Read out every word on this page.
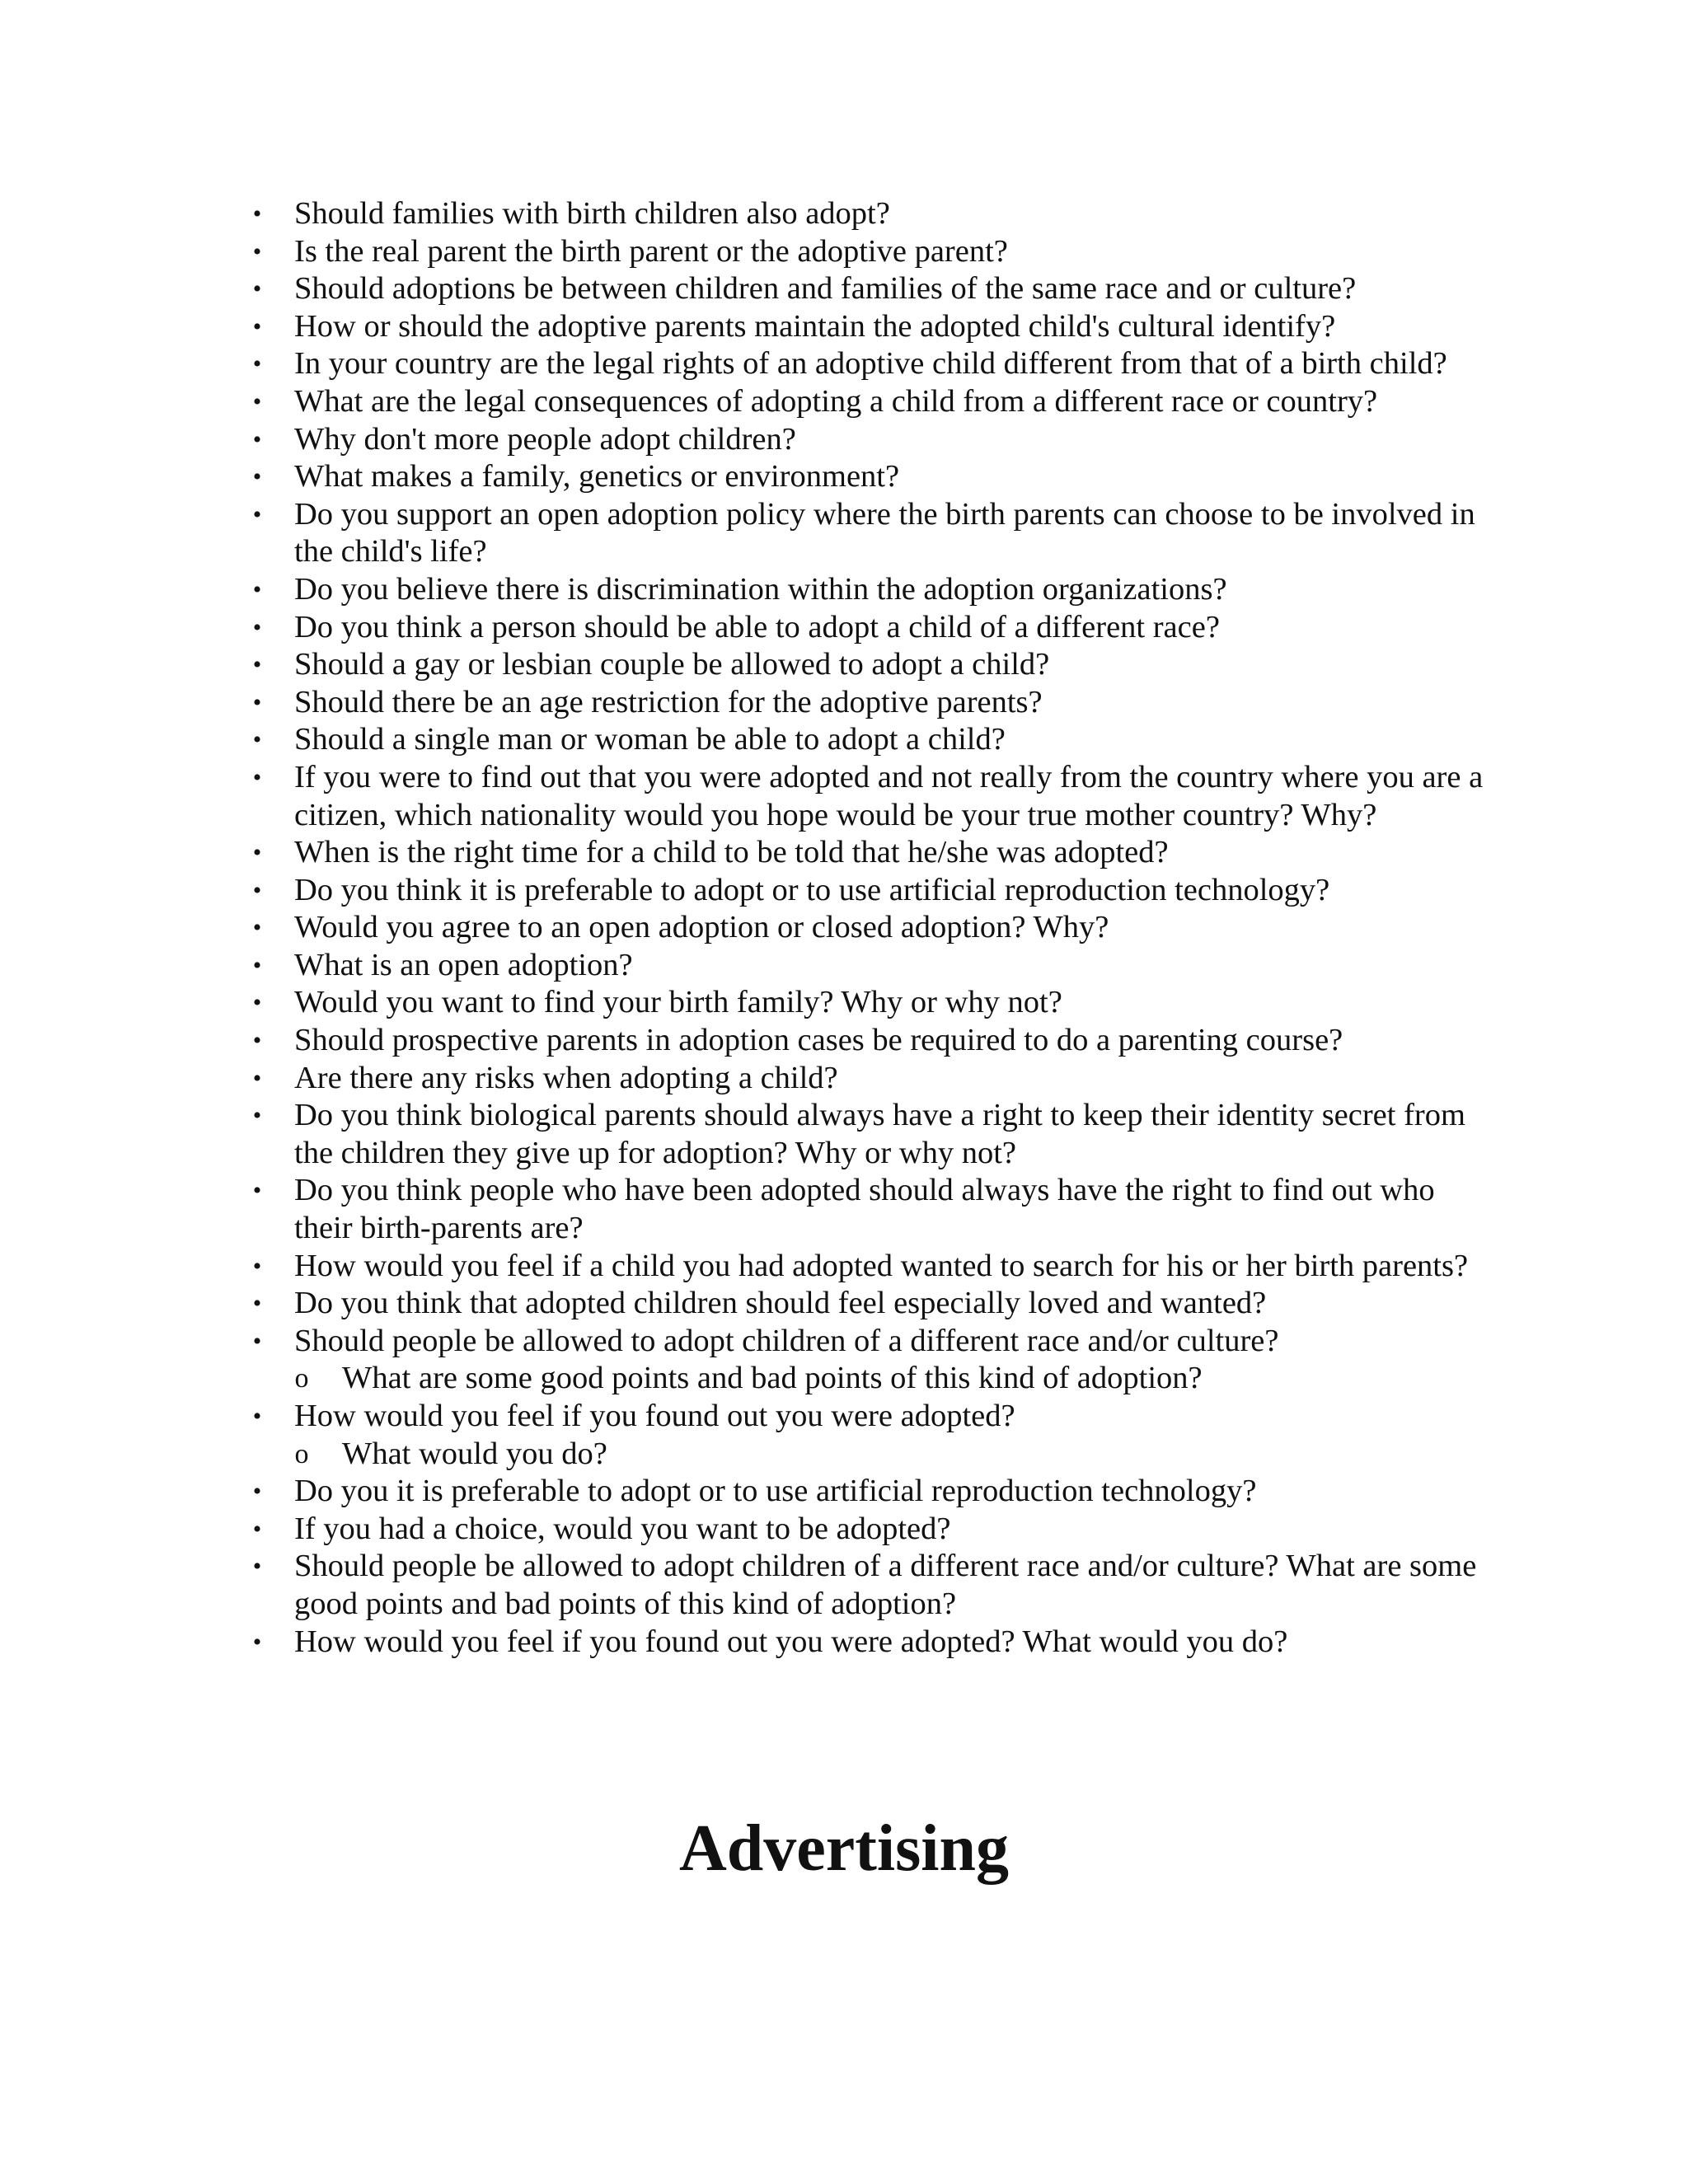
• Should families with birth children also adopt?
• Is the real parent the birth parent or the adoptive parent?
• Should adoptions be between children and families of the same race and or culture?
• How or should the adoptive parents maintain the adopted child's cultural identify?
• In your country are the legal rights of an adoptive child different from that of a birth child?
• What are the legal consequences of adopting a child from a different race or country?
• Why don't more people adopt children?
• What makes a family, genetics or environment?
• Do you support an open adoption policy where the birth parents can choose to be involved in the child's life?
• Do you believe there is discrimination within the adoption organizations?
• Do you think a person should be able to adopt a child of a different race?
• Should a gay or lesbian couple be allowed to adopt a child?
• Should there be an age restriction for the adoptive parents?
• Should a single man or woman be able to adopt a child?
• If you were to find out that you were adopted and not really from the country where you are a citizen, which nationality would you hope would be your true mother country? Why?
• When is the right time for a child to be told that he/she was adopted?
• Do you think it is preferable to adopt or to use artificial reproduction technology?
• Would you agree to an open adoption or closed adoption? Why?
• What is an open adoption?
• Would you want to find your birth family? Why or why not?
• Should prospective parents in adoption cases be required to do a parenting course?
• Are there any risks when adopting a child?
• Do you think biological parents should always have a right to keep their identity secret from the children they give up for adoption? Why or why not?
• Do you think people who have been adopted should always have the right to find out who their birth-parents are?
• How would you feel if a child you had adopted wanted to search for his or her birth parents?
• Do you think that adopted children should feel especially loved and wanted?
• Should people be allowed to adopt children of a different race and/or culture?
o What are some good points and bad points of this kind of adoption?
• How would you feel if you found out you were adopted?
o What would you do?
• Do you it is preferable to adopt or to use artificial reproduction technology?
• If you had a choice, would you want to be adopted?
• Should people be allowed to adopt children of a different race and/or culture? What are some good points and bad points of this kind of adoption?
• How would you feel if you found out you were adopted? What would you do?
Advertising
